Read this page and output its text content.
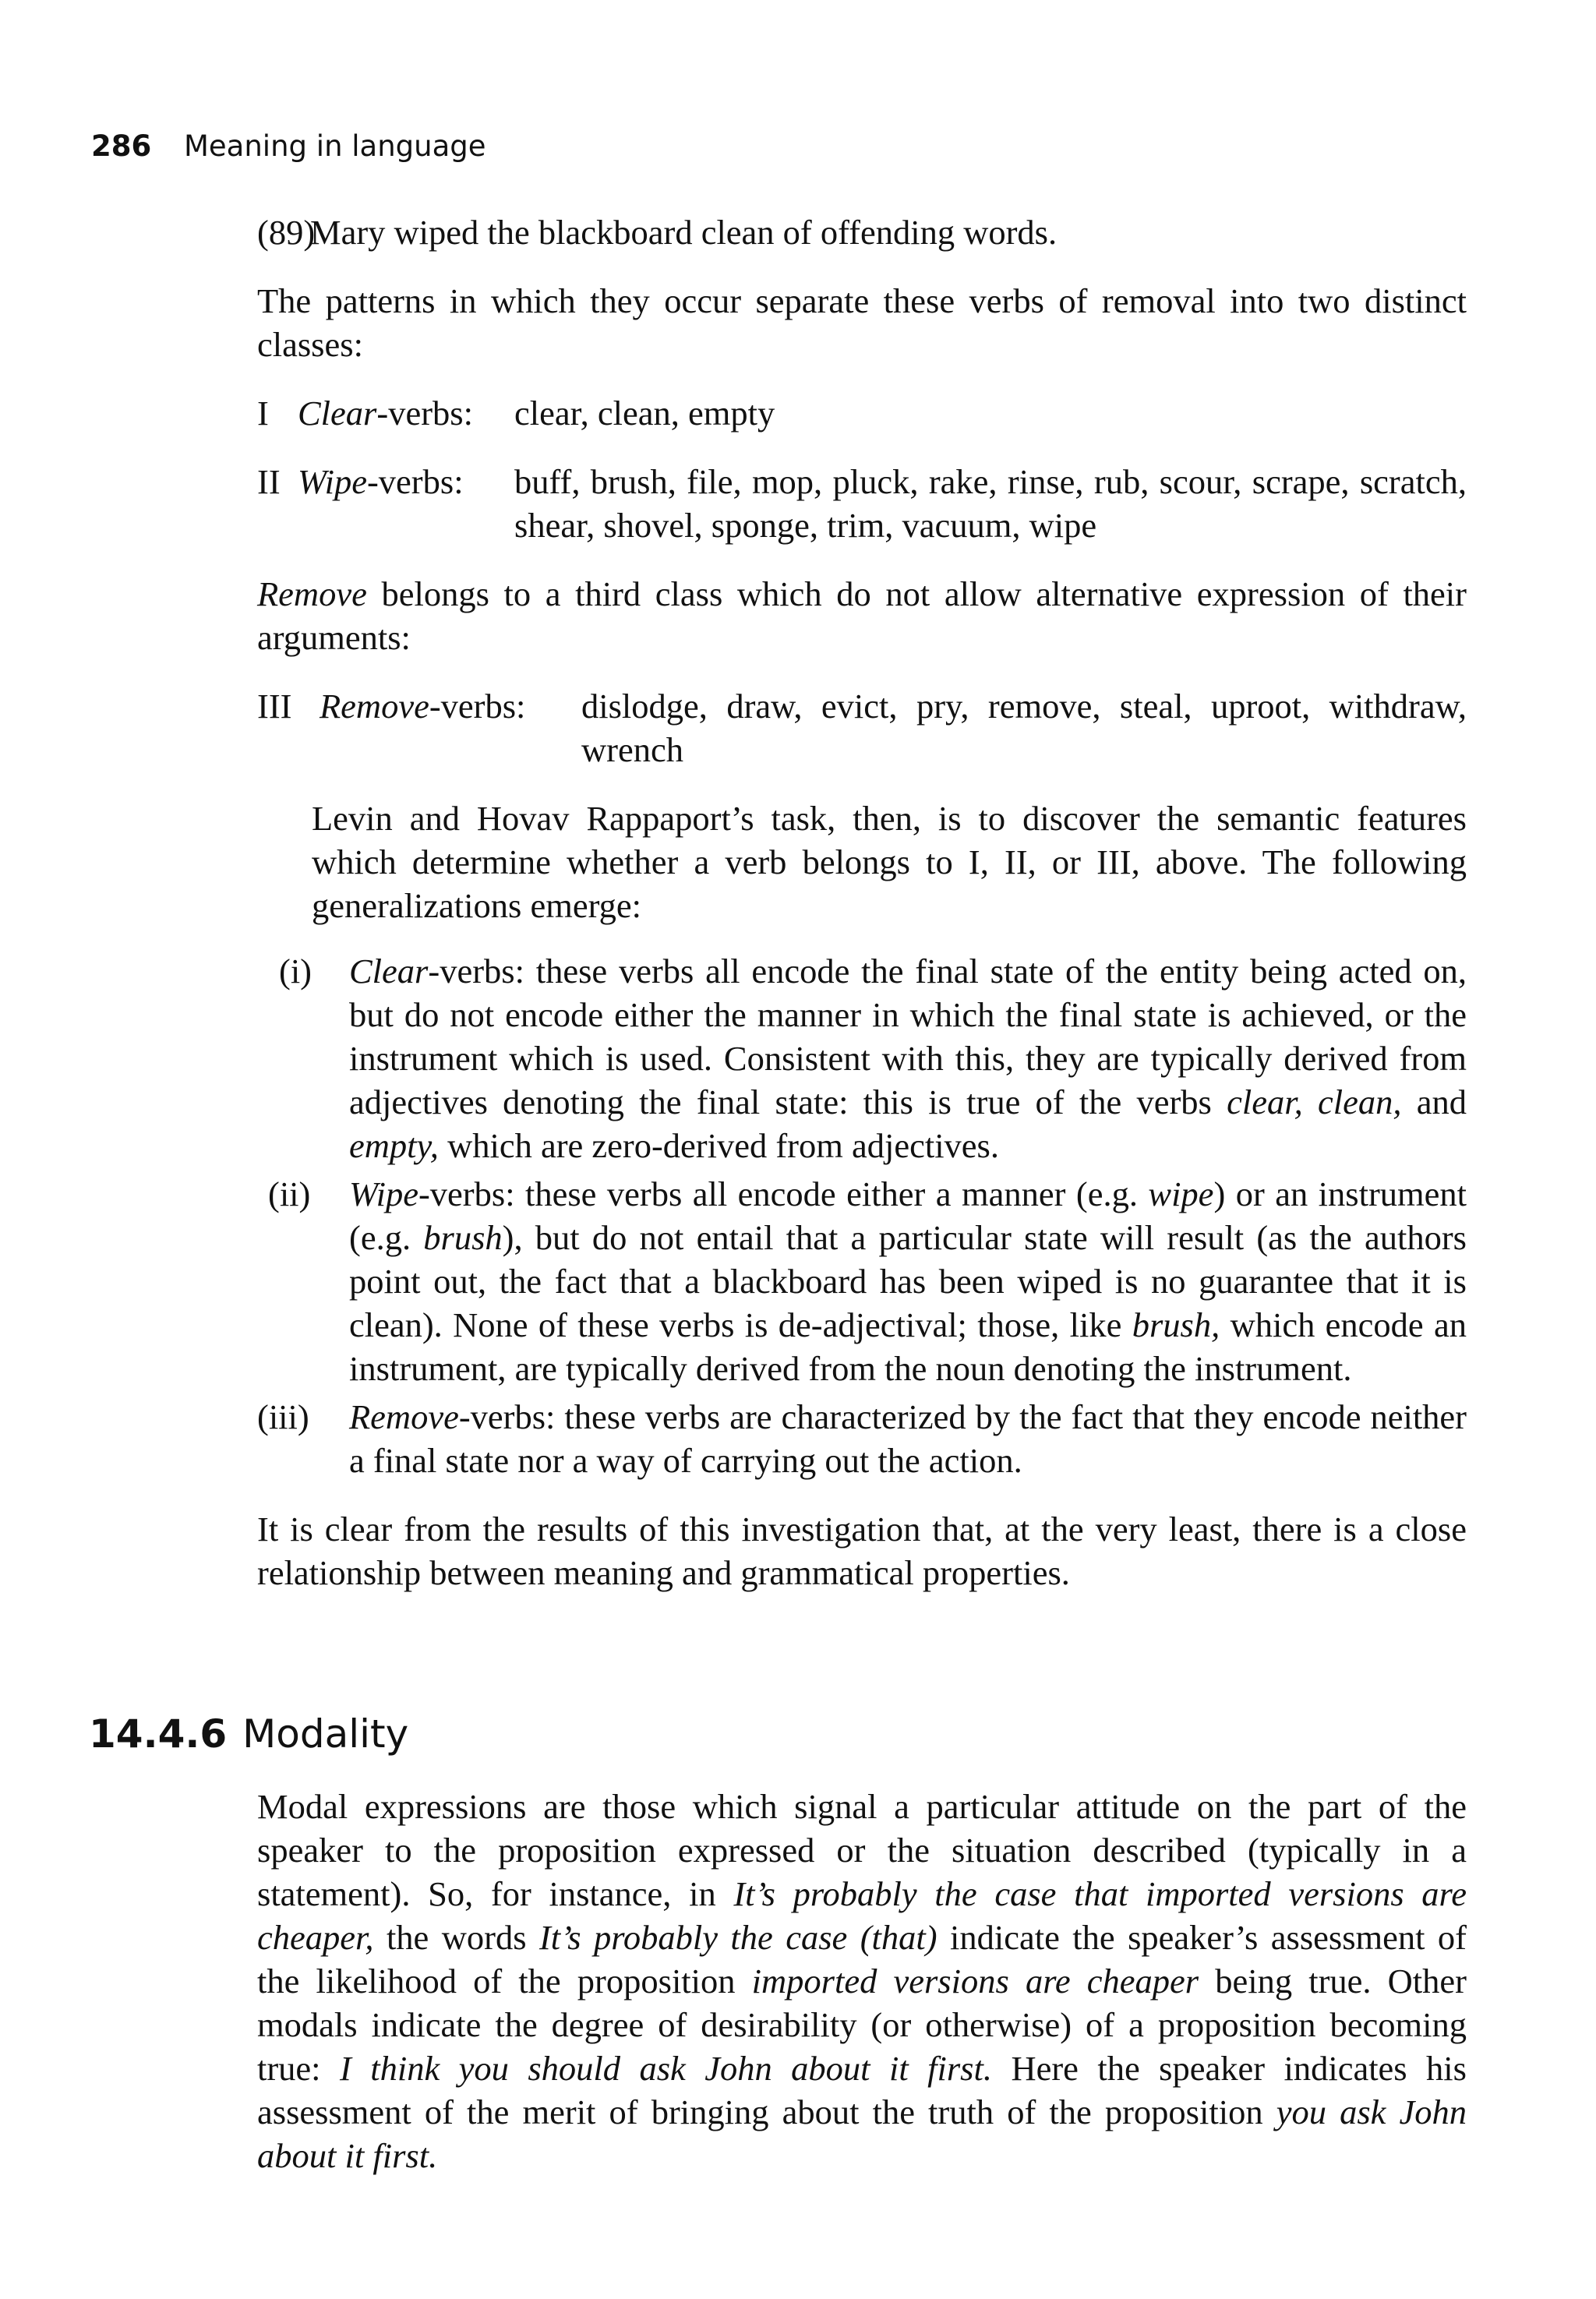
286 Meaning in language
(89)
Mary wiped the blackboard clean of offending words.

The patterns in which they occur separate these verbs of removal into two distinct classes:

I Clear-verbs:	clear, clean, empty
II Wipe-verbs:	buff, brush, file, mop, pluck, rake, rinse, rub, scour, scrape, scratch, shear, shovel, sponge, trim, vacuum, wipe

Remove belongs to a third class which do not allow alternative expression of their arguments:

III Remove-verbs:	dislodge, draw, evict, pry, remove, steal, uproot, withdraw, wrench

Levin and Hovav Rappaport’s task, then, is to discover the semantic features which determine whether a verb belongs to I, II, or III, above. The following generalizations emerge:

(i)	Clear-verbs: these verbs all encode the final state of the entity being acted on, but do not encode either the manner in which the final state is achieved, or the instrument which is used. Consistent with this, they are typically derived from adjectives denoting the final state: this is true of the verbs clear, clean, and empty, which are zero-derived from adjectives.
(ii)	Wipe-verbs: these verbs all encode either a manner (e.g. wipe) or an instrument (e.g. brush), but do not entail that a particular state will result (as the authors point out, the fact that a blackboard has been wiped is no guarantee that it is clean). None of these verbs is de-adjectival; those, like brush, which encode an instrument, are typically derived from the noun denoting the instrument.
(iii)	Remove-verbs: these verbs are characterized by the fact that they encode neither a final state nor a way of carrying out the action.

It is clear from the results of this investigation that, at the very least, there is a close relationship between meaning and grammatical properties.

14.4.6 Modality

Modal expressions are those which signal a particular attitude on the part of the speaker to the proposition expressed or the situation described (typically in a statement). So, for instance, in It’s probably the case that imported versions are cheaper, the words It’s probably the case (that) indicate the speaker’s assessment of the likelihood of the proposition imported versions are cheaper being true. Other modals indicate the degree of desirability (or otherwise) of a proposition becoming true: I think you should ask John about it first. Here the speaker indicates his assessment of the merit of bringing about the truth of the proposition you ask John about it first.
